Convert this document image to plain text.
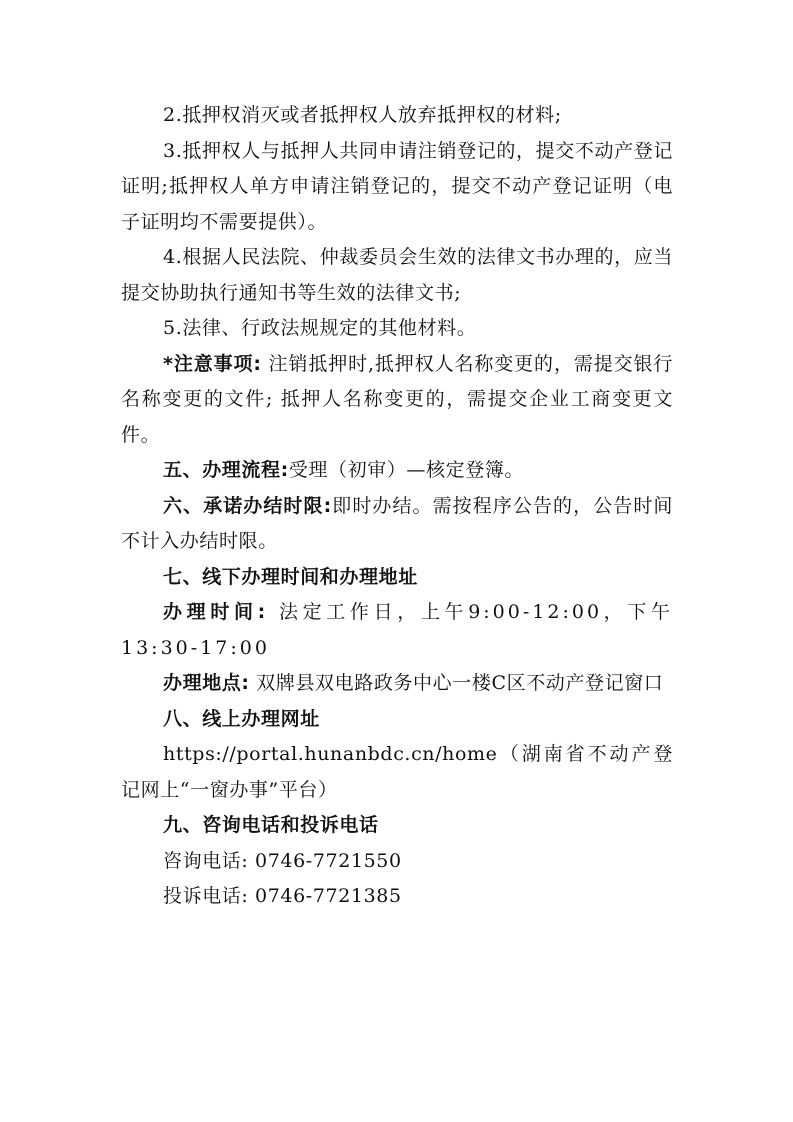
2.抵押权消灭或者抵押权人放弃抵押权的材料;

3.抵押权人与抵押人共同申请注销登记的，提交不动产登记证明;抵押权人单方申请注销登记的，提交不动产登记证明（电子证明均不需要提供）。

4.根据人民法院、仲裁委员会生效的法律文书办理的，应当提交协助执行通知书等生效的法律文书;

5.法律、行政法规规定的其他材料。

*注意事项: 注销抵押时,抵押权人名称变更的，需提交银行名称变更的文件; 抵押人名称变更的，需提交企业工商变更文件。

五、办理流程:受理（初审）—核定登簿。

六、承诺办结时限:即时办结。需按程序公告的，公告时间不计入办结时限。

七、线下办理时间和办理地址

办理时间: 法定工作日，上午9:00-12:00，下午13:30-17:00

办理地点: 双牌县双电路政务中心一楼C区不动产登记窗口

八、线上办理网址

https://portal.hunanbdc.cn/home（湖南省不动产登记网上“一窗办事”平台）

九、咨询电话和投诉电话

咨询电话: 0746-7721550

投诉电话: 0746-7721385
